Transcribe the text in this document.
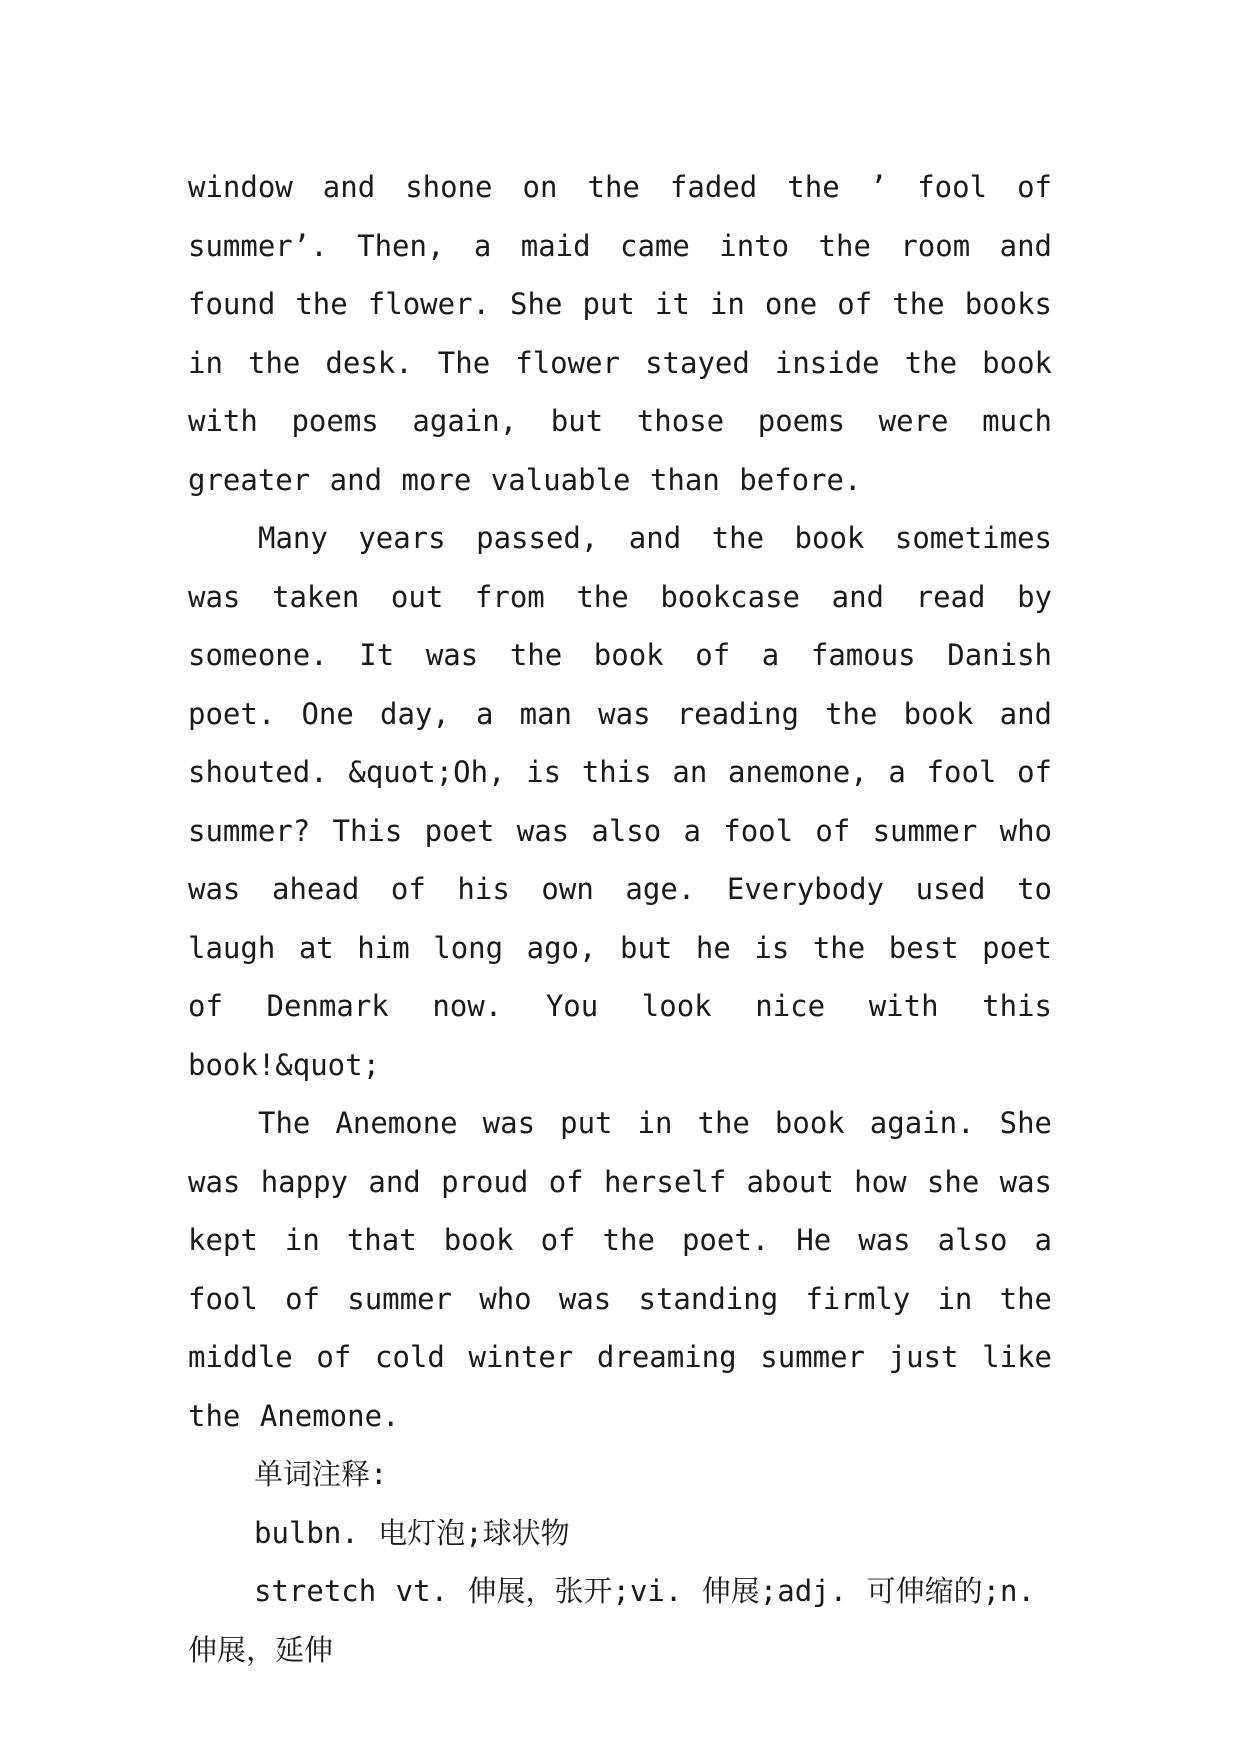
window and shone on the faded the ’ fool of summer’. Then, a maid came into the room and found the flower. She put it in one of the books in the desk. The flower stayed inside the book with poems again, but those poems were much greater and more valuable than before.

Many years passed, and the book sometimes was taken out from the bookcase and read by someone. It was the book of a famous Danish poet. One day, a man was reading the book and shouted. &quot;Oh, is this an anemone, a fool of summer? This poet was also a fool of summer who was ahead of his own age. Everybody used to laugh at him long ago, but he is the best poet of Denmark now. You look nice with this book!&quot;

The Anemone was put in the book again. She was happy and proud of herself about how she was kept in that book of the poet. He was also a fool of summer who was standing firmly in the middle of cold winter dreaming summer just like the Anemone.

单词注释:

bulbn. 电灯泡;球状物

stretch vt. 伸展，张开;vi. 伸展;adj. 可伸缩的;n. 伸展，延伸
